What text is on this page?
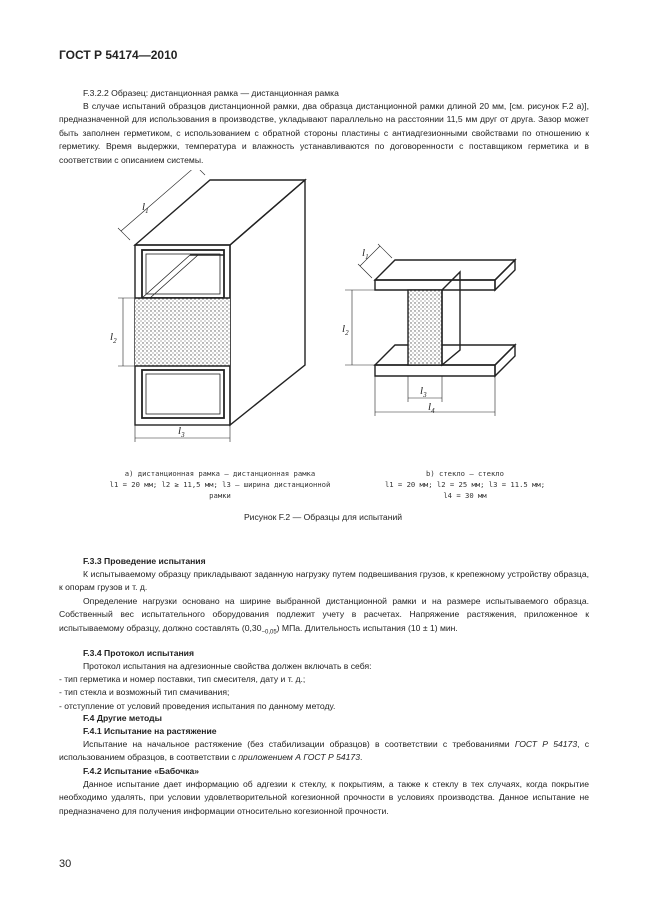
ГОСТ Р 54174—2010
F.3.2.2 Образец: дистанционная рамка — дистанционная рамка
В случае испытаний образцов дистанционной рамки, два образца дистанционной рамки длиной 20 мм, [см. рисунок F.2 а)], предназначенной для использования в производстве, укладывают параллельно на расстоянии 11,5 мм друг от друга. Зазор может быть заполнен герметиком, с использованием с обратной стороны пластины с антиадгезионными свойствами по отношению к герметику. Время выдержки, температура и влажность устанавливаются по договоренности с поставщиком герметика и в соответствии с описанием системы.
$l_1$
$l_2$
$l_3$
$l_1$
$l_2$
$l_3$
$l_4$
a) дистанционная рамка — дистанционная рамка
l1 = 20 мм; l2 ≥ 11,5 мм; l3 — ширина дистанционной
рамки
b) стекло — стекло
l1 = 20 мм; l2 = 25 мм; l3 = 11.5 мм;
l4 = 30 мм
Рисунок F.2 — Образцы для испытаний
F.3.3 Проведение испытания
К испытываемому образцу прикладывают заданную нагрузку путем подвешивания грузов, к крепежному устройству образца, к опорам грузов и т. д.
Определение нагрузки основано на ширине выбранной дистанционной рамки и на размере испытываемого образца. Собственный вес испытательного оборудования подлежит учету в расчетах. Напряжение растяжения, приложенное к испытываемому образцу, должно составлять $(0,30_{-0,05})$ МПа. Длительность испытания (10 ± 1) мин.
F.3.4 Протокол испытания
Протокол испытания на адгезионные свойства должен включать в себя:
- тип герметика и номер поставки, тип смесителя, дату и т. д.;
- тип стекла и возможный тип смачивания;
- отступление от условий проведения испытания по данному методу.
F.4 Другие методы
F.4.1 Испытание на растяжение
Испытание на начальное растяжение (без стабилизации образцов) в соответствии с требованиями ГОСТ Р 54173, с использованием образцов, в соответствии с приложением А ГОСТ Р 54173.
F.4.2 Испытание «Бабочка»
Данное испытание дает информацию об адгезии к стеклу, к покрытиям, а также к стеклу в тех случаях, когда покрытие необходимо удалять, при условии удовлетворительной когезионной прочности в условиях производства. Данное испытание не предназначено для получения информации относительно когезионной прочности.
30
